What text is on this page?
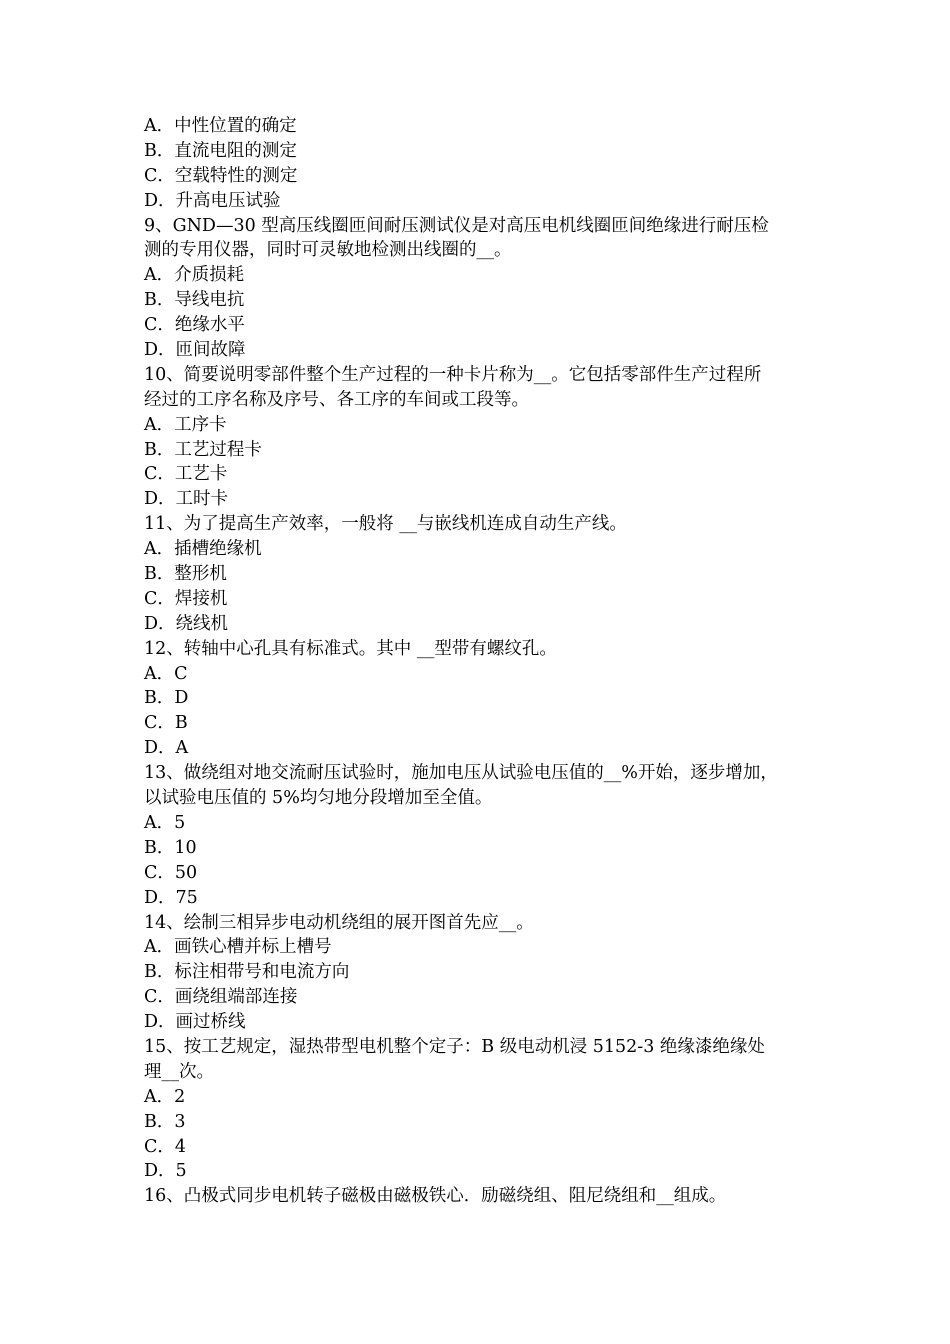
A．中性位置的确定
B．直流电阻的测定
C．空载特性的测定
D．升高电压试验
9、GND—30 型高压线圈匝间耐压测试仪是对高压电机线圈匝间绝缘进行耐压检
测的专用仪器，同时可灵敏地检测出线圈的__。
A．介质损耗
B．导线电抗
C．绝缘水平
D．匝间故障
10、简要说明零部件整个生产过程的一种卡片称为__。它包括零部件生产过程所
经过的工序名称及序号、各工序的车间或工段等。
A．工序卡
B．工艺过程卡
C．工艺卡
D．工时卡
11、为了提高生产效率，一般将 __与嵌线机连成自动生产线。
A．插槽绝缘机
B．整形机
C．焊接机
D．绕线机
12、转轴中心孔具有标准式。其中 __型带有螺纹孔。
A．C
B．D
C．B
D．A
13、做绕组对地交流耐压试验时，施加电压从试验电压值的__%开始，逐步增加，
以试验电压值的 5%均匀地分段增加至全值。
A．5
B．10
C．50
D．75
14、绘制三相异步电动机绕组的展开图首先应__。
A．画铁心槽并标上槽号
B．标注相带号和电流方向
C．画绕组端部连接
D．画过桥线
15、按工艺规定，湿热带型电机整个定子：B 级电动机浸 5152-3 绝缘漆绝缘处
理__次。
A．2
B．3
C．4
D．5
16、凸极式同步电机转子磁极由磁极铁心．励磁绕组、阻尼绕组和__组成。
